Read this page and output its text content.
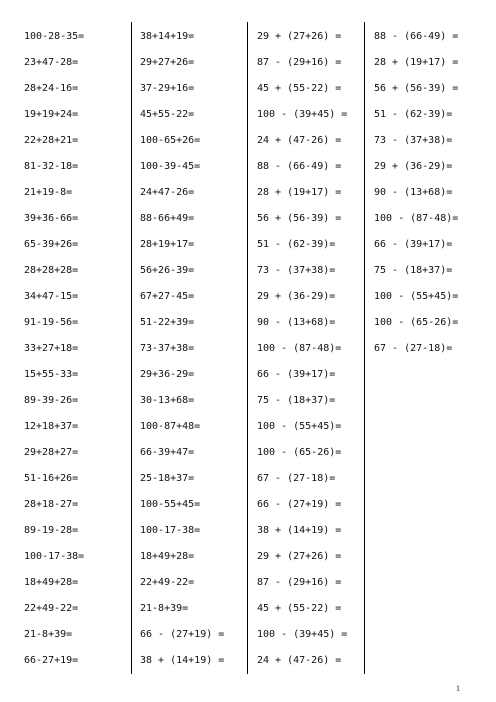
100-28-35=
23+47-28=
28+24-16=
19+19+24=
22+28+21=
81-32-18=
21+19-8=
39+36-66=
65-39+26=
28+28+28=
34+47-15=
91-19-56=
33+27+18=
15+55-33=
89-39-26=
12+18+37=
29+28+27=
51-16+26=
28+18-27=
89-19-28=
100-17-38=
18+49+28=
22+49-22=
21-8+39=
66-27+19=
38+14+19=
29+27+26=
37-29+16=
45+55-22=
100-65+26=
100-39-45=
24+47-26=
88-66+49=
28+19+17=
56+26-39=
67+27-45=
51-22+39=
73-37+38=
29+36-29=
30-13+68=
100-87+48=
66-39+47=
25-18+37=
100-55+45=
100-17-38=
18+49+28=
22+49-22=
21-8+39=
66 - (27+19) =
38 + (14+19) =
29 + (27+26) =
87 - (29+16) =
45 + (55-22) =
100 - (39+45) =
24 + (47-26) =
88 - (66-49) =
28 + (19+17) =
56 + (56-39) =
51 - (62-39)=
73 - (37+38)=
29 + (36-29)=
90 - (13+68)=
100 - (87-48)=
66 - (39+17)=
75 - (18+37)=
100 - (55+45)=
100 - (65-26)=
67 - (27-18)=
66 - (27+19) =
38 + (14+19) =
29 + (27+26) =
87 - (29+16) =
45 + (55-22) =
100 - (39+45) =
24 + (47-26) =
88 - (66-49) =
28 + (19+17) =
56 + (56-39) =
51 - (62-39)=
73 - (37+38)=
29 + (36-29)=
90 - (13+68)=
100 - (87-48)=
66 - (39+17)=
75 - (18+37)=
100 - (55+45)=
100 - (65-26)=
67 - (27-18)=
1
